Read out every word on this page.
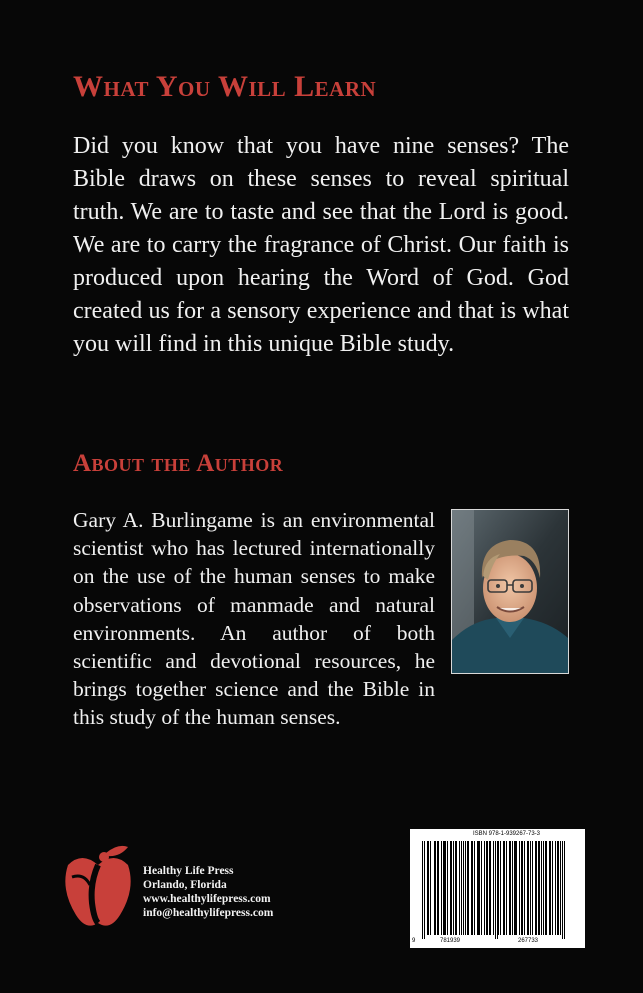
What You Will Learn

Did you know that you have nine senses? The Bible draws on these senses to reveal spiritual truth. We are to taste and see that the Lord is good. We are to carry the fragrance of Christ. Our faith is produced upon hearing the Word of God. God created us for a sensory experience and that is what you will find in this unique Bible study.

About the Author
Gary A. Burlingame is an environmental scientist who has lectured internationally on the use of the human senses to make observations of manmade and natural environments. An author of both scientific and devotional resources, he brings together science and the Bible in this study of the human senses.
Healthy Life Press
Orlando, Florida
www.healthylifepress.com
info@healthylifepress.com
ISBN 978-1-939267-73-3
9	781939	267733
